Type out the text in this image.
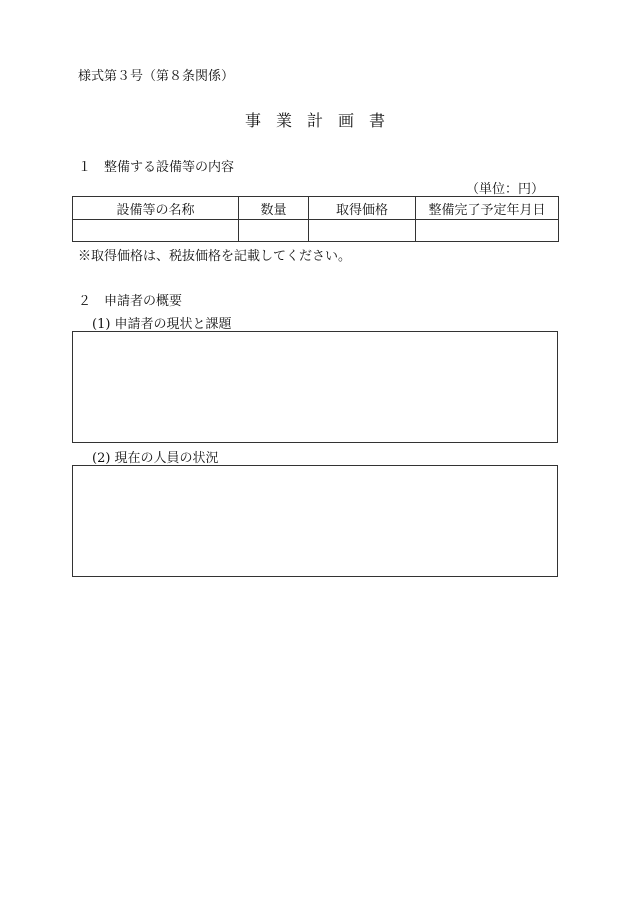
様式第３号（第８条関係）
事業計画書
１　整備する設備等の内容
（単位：円）
設備等の名称	数量	取得価格	整備完了予定年月日

※取得価格は、税抜価格を記載してください。
２　申請者の概要
(1) 申請者の現状と課題
(2) 現在の人員の状況
